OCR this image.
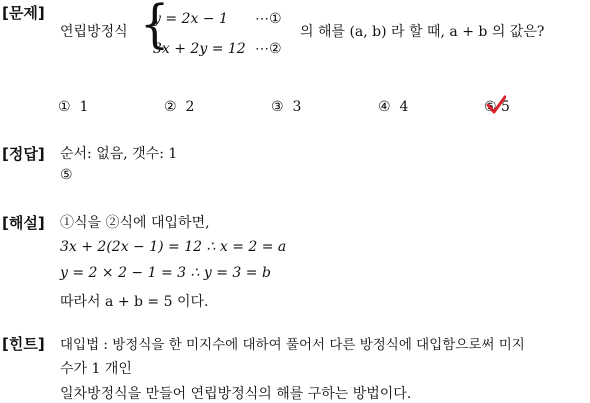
[문제]
연립방정식 {
y = 2x − 1 ⋯①
3x + 2y = 12 ⋯②
의 해를 (a, b) 라 할 때, a + b 의 값은?
① 1	② 2	③ 3	④ 4	⑤ 5
[정답] 순서: 없음, 갯수: 1
⑤
[해설] ①식을 ②식에 대입하면,
3x + 2(2x − 1) = 12 ∴ x = 2 = a
y = 2 × 2 − 1 = 3 ∴ y = 3 = b
따라서 a + b = 5 이다.
[힌트] 대입법 : 방정식을 한 미지수에 대하여 풀어서 다른 방정식에 대입함으로써 미지
수가 1 개인
일차방정식을 만들어 연립방정식의 해를 구하는 방법이다.
